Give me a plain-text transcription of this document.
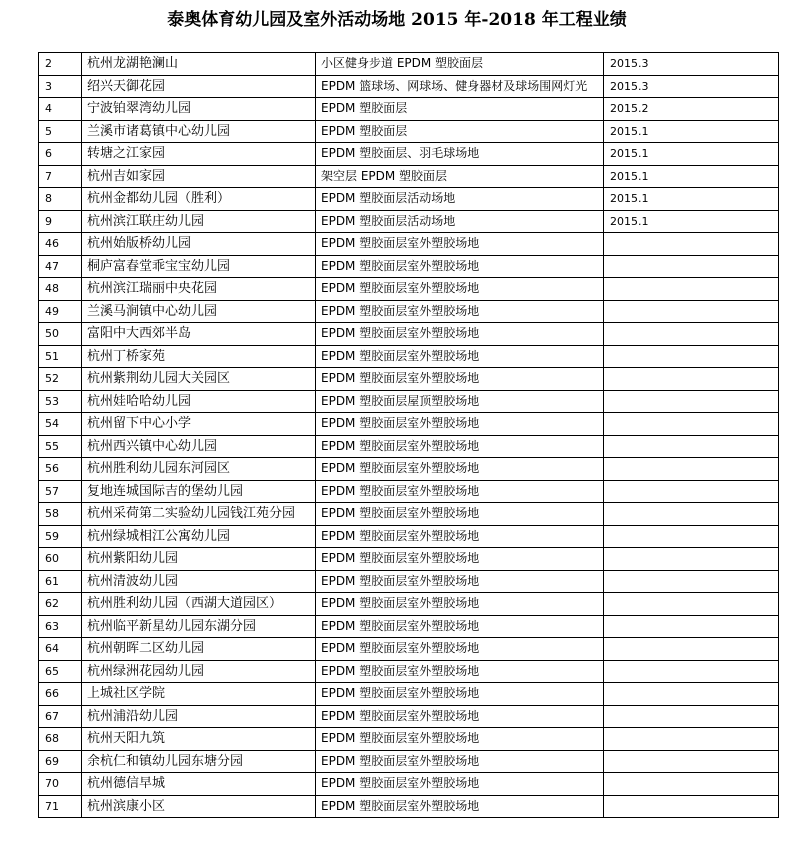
泰奥体育幼儿园及室外活动场地 2015 年-2018 年工程业绩
2	杭州龙湖艳澜山	小区健身步道 EPDM 塑胶面层	2015.3
3	绍兴天御花园	EPDM 篮球场、网球场、健身器材及球场围网灯光	2015.3
4	宁波铂翠湾幼儿园	EPDM 塑胶面层	2015.2
5	兰溪市诸葛镇中心幼儿园	EPDM 塑胶面层	2015.1
6	转塘之江家园	EPDM 塑胶面层、羽毛球场地	2015.1
7	杭州吉如家园	架空层 EPDM 塑胶面层	2015.1
8	杭州金都幼儿园（胜利）	EPDM 塑胶面层活动场地	2015.1
9	杭州滨江联庄幼儿园	EPDM 塑胶面层活动场地	2015.1
46	杭州始版桥幼儿园	EPDM 塑胶面层室外塑胶场地	
47	桐庐富春堂乖宝宝幼儿园	EPDM 塑胶面层室外塑胶场地	
48	杭州滨江瑞丽中央花园	EPDM 塑胶面层室外塑胶场地	
49	兰溪马涧镇中心幼儿园	EPDM 塑胶面层室外塑胶场地	
50	富阳中大西郊半岛	EPDM 塑胶面层室外塑胶场地	
51	杭州丁桥家苑	EPDM 塑胶面层室外塑胶场地	
52	杭州紫荆幼儿园大关园区	EPDM 塑胶面层室外塑胶场地	
53	杭州娃哈哈幼儿园	EPDM 塑胶面层屋顶塑胶场地	
54	杭州留下中心小学	EPDM 塑胶面层室外塑胶场地	
55	杭州西兴镇中心幼儿园	EPDM 塑胶面层室外塑胶场地	
56	杭州胜利幼儿园东河园区	EPDM 塑胶面层室外塑胶场地	
57	复地连城国际吉的堡幼儿园	EPDM 塑胶面层室外塑胶场地	
58	杭州采荷第二实验幼儿园钱江苑分园	EPDM 塑胶面层室外塑胶场地	
59	杭州绿城相江公寓幼儿园	EPDM 塑胶面层室外塑胶场地	
60	杭州紫阳幼儿园	EPDM 塑胶面层室外塑胶场地	
61	杭州清波幼儿园	EPDM 塑胶面层室外塑胶场地	
62	杭州胜利幼儿园（西湖大道园区）	EPDM 塑胶面层室外塑胶场地	
63	杭州临平新星幼儿园东湖分园	EPDM 塑胶面层室外塑胶场地	
64	杭州朝晖二区幼儿园	EPDM 塑胶面层室外塑胶场地	
65	杭州绿洲花园幼儿园	EPDM 塑胶面层室外塑胶场地	
66	上城社区学院	EPDM 塑胶面层室外塑胶场地	
67	杭州浦沿幼儿园	EPDM 塑胶面层室外塑胶场地	
68	杭州天阳九筑	EPDM 塑胶面层室外塑胶场地	
69	余杭仁和镇幼儿园东塘分园	EPDM 塑胶面层室外塑胶场地	
70	杭州德信早城	EPDM 塑胶面层室外塑胶场地	
71	杭州滨康小区	EPDM 塑胶面层室外塑胶场地	
